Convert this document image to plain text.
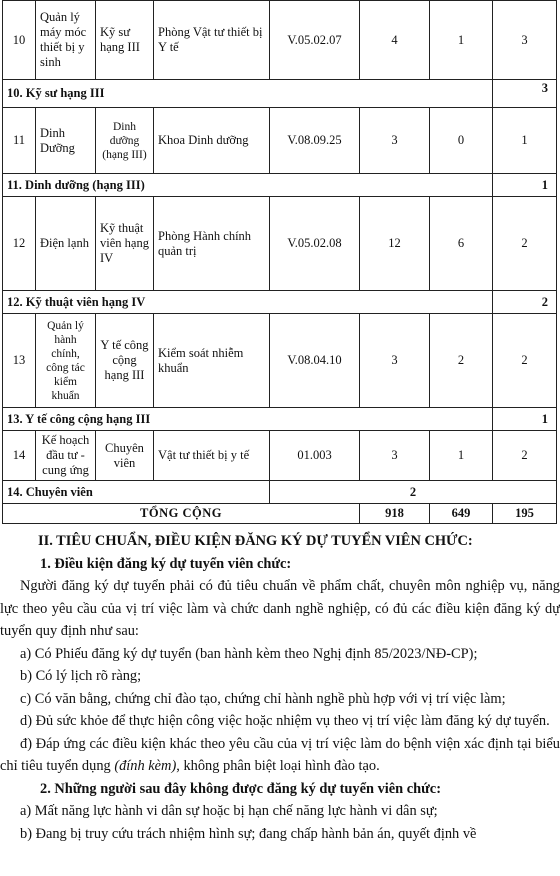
10	Quản lý máy móc thiết bị y sinh	Kỹ sư hạng III	Phòng Vật tư thiết bị Y tế	V.05.02.07	4	1	3
10. Kỹ sư hạng III							3
11	Dinh Dưỡng	Dinh dưỡng (hạng III)	Khoa Dinh dưỡng	V.08.09.25	3	0	1
11. Dinh dưỡng (hạng III)							1
12	Điện lạnh	Kỹ thuật viên hạng IV	Phòng Hành chính quản trị	V.05.02.08	12	6	2
12. Kỹ thuật viên hạng IV							2
13	Quản lý hành chính, công tác kiểm khuẩn	Y tế công cộng hạng III	Kiểm soát nhiễm khuẩn	V.08.04.10	3	2	2
13. Y tế công cộng hạng III							1
14	Kế hoạch đầu tư - cung ứng	Chuyên viên	Vật tư thiết bị y tế	01.003	3	1	2
14. Chuyên viên				2			
TỔNG CỘNG					918	649	195

II. TIÊU CHUẨN, ĐIỀU KIỆN ĐĂNG KÝ DỰ TUYỂN VIÊN CHỨC:

1. Điều kiện đăng ký dự tuyển viên chức:

Người đăng ký dự tuyển phải có đủ tiêu chuẩn về phẩm chất, chuyên môn nghiệp vụ, năng lực theo yêu cầu của vị trí việc làm và chức danh nghề nghiệp, có đủ các điều kiện đăng ký dự tuyển quy định như sau:

a) Có Phiếu đăng ký dự tuyển (ban hành kèm theo Nghị định 85/2023/NĐ-CP);

b) Có lý lịch rõ ràng;

c) Có văn bằng, chứng chỉ đào tạo, chứng chỉ hành nghề phù hợp với vị trí việc làm;

d) Đủ sức khỏe để thực hiện công việc hoặc nhiệm vụ theo vị trí việc làm đăng ký dự tuyển.

đ) Đáp ứng các điều kiện khác theo yêu cầu của vị trí việc làm do bệnh viện xác định tại biểu chỉ tiêu tuyển dụng (đính kèm), không phân biệt loại hình đào tạo.

2. Những người sau đây không được đăng ký dự tuyển viên chức:

a) Mất năng lực hành vi dân sự hoặc bị hạn chế năng lực hành vi dân sự;

b) Đang bị truy cứu trách nhiệm hình sự; đang chấp hành bản án, quyết định về
